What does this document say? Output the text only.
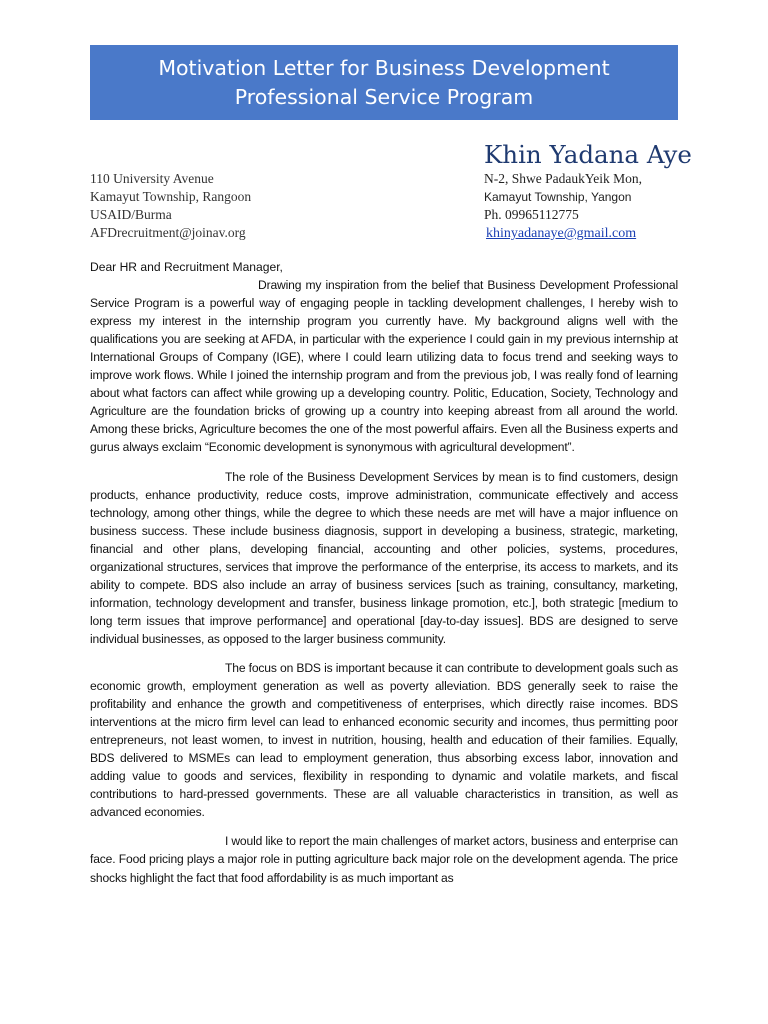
Motivation Letter for Business Development
Professional Service Program
Khin Yadana Aye
110 University Avenue
Kamayut Township, Rangoon
USAID/Burma
AFDrecruitment@joinav.org
N-2, Shwe PadaukYeik Mon,
Kamayut Township, Yangon
Ph. 09965112775
khinyadanaye@gmail.com

Dear HR and Recruitment Manager,

Drawing my inspiration from the belief that Business Development Professional Service Program is a powerful way of engaging people in tackling development challenges, I hereby wish to express my interest in the internship program you currently have. My background aligns well with the qualifications you are seeking at AFDA, in particular with the experience I could gain in my previous internship at International Groups of Company (IGE), where I could learn utilizing data to focus trend and seeking ways to improve work flows. While I joined the internship program and from the previous job, I was really fond of learning about what factors can affect while growing up a developing country. Politic, Education, Society, Technology and Agriculture are the foundation bricks of growing up a country into keeping abreast from all around the world. Among these bricks, Agriculture becomes the one of the most powerful affairs. Even all the Business experts and gurus always exclaim “Economic development is synonymous with agricultural development”.

The role of the Business Development Services by mean is to find customers, design products, enhance productivity, reduce costs, improve administration, communicate effectively and access technology, among other things, while the degree to which these needs are met will have a major influence on business success. These include business diagnosis, support in developing a business, strategic, marketing, financial and other plans, developing financial, accounting and other policies, systems, procedures, organizational structures, services that improve the performance of the enterprise, its access to markets, and its ability to compete. BDS also include an array of business services [such as training, consultancy, marketing, information, technology development and transfer, business linkage promotion, etc.], both strategic [medium to long term issues that improve performance] and operational [day-to-day issues]. BDS are designed to serve individual businesses, as opposed to the larger business community.

The focus on BDS is important because it can contribute to development goals such as economic growth, employment generation as well as poverty alleviation. BDS generally seek to raise the profitability and enhance the growth and competitiveness of enterprises, which directly raise incomes. BDS interventions at the micro firm level can lead to enhanced economic security and incomes, thus permitting poor entrepreneurs, not least women, to invest in nutrition, housing, health and education of their families. Equally, BDS delivered to MSMEs can lead to employment generation, thus absorbing excess labor, innovation and adding value to goods and services, flexibility in responding to dynamic and volatile markets, and fiscal contributions to hard-pressed governments. These are all valuable characteristics in transition, as well as advanced economies.

I would like to report the main challenges of market actors, business and enterprise can face. Food pricing plays a major role in putting agriculture back major role on the development agenda. The price shocks highlight the fact that food affordability is as much important as
